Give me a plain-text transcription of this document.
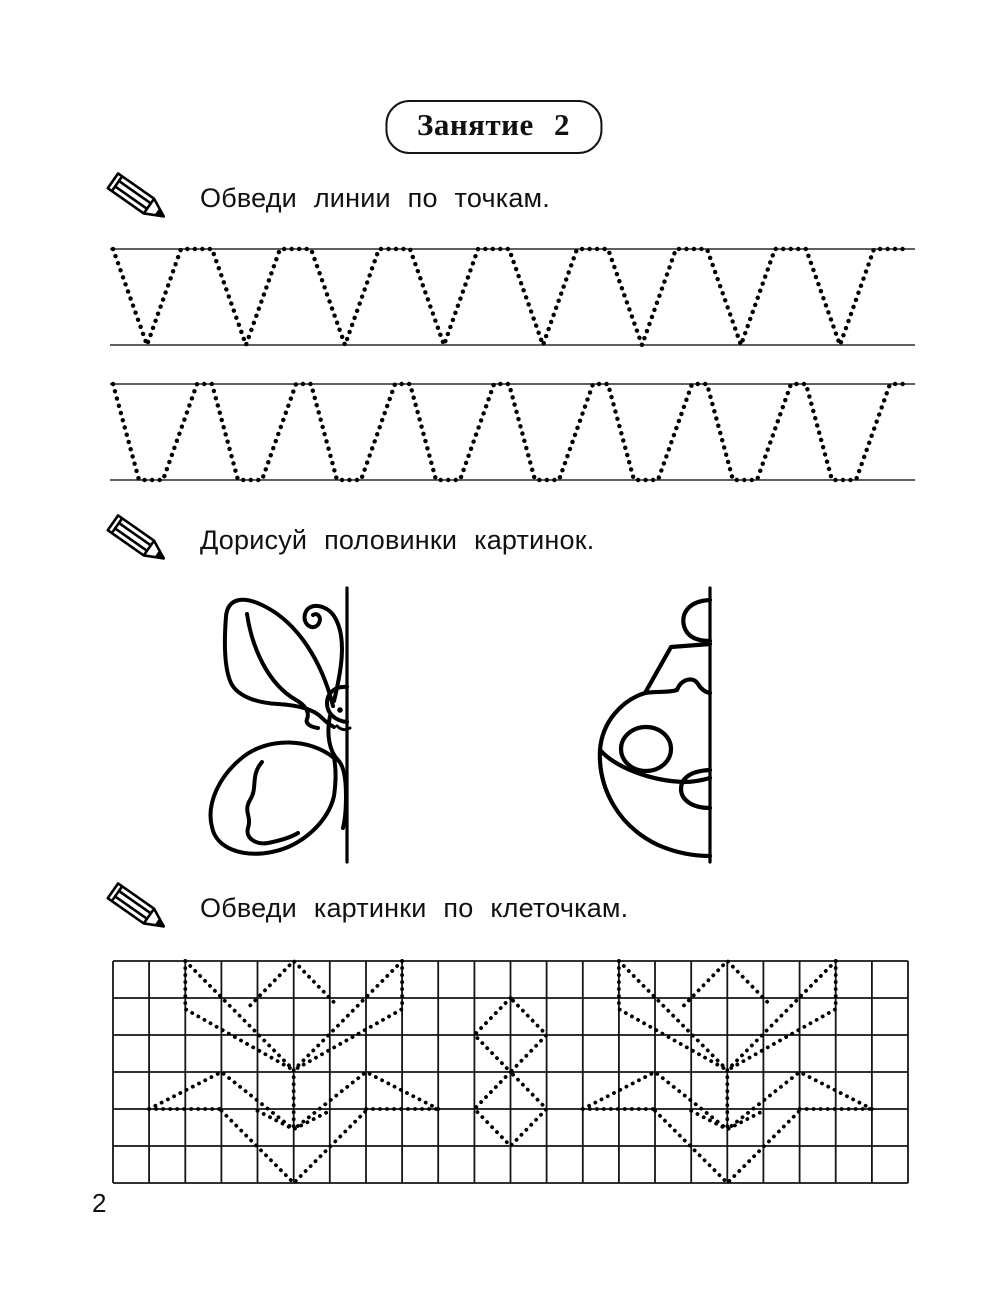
Занятие 2
Обведи линии по точкам.
Дорисуй половинки картинок.
Обведи картинки по клеточкам.
2
